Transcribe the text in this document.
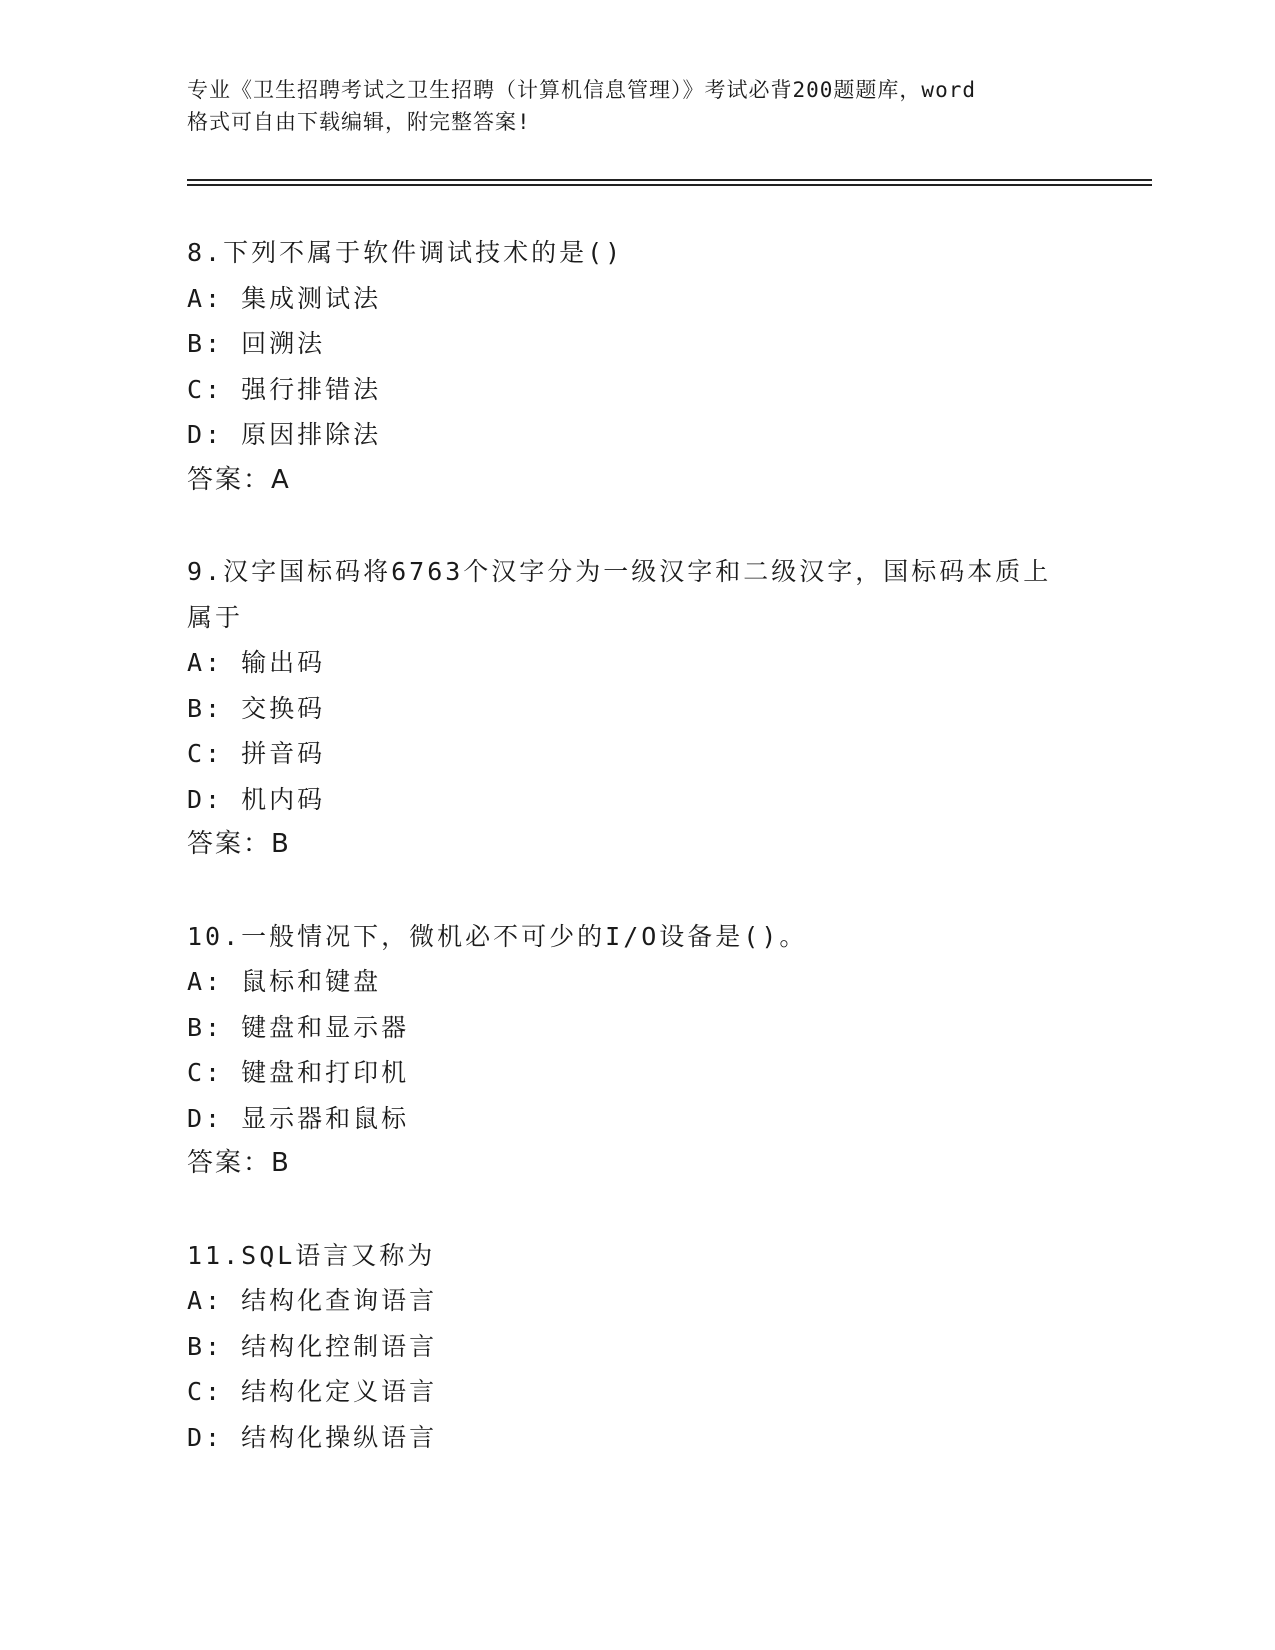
专业《卫生招聘考试之卫生招聘（计算机信息管理）》考试必背200题题库，word
格式可自由下载编辑，附完整答案!
8.下列不属于软件调试技术的是()
A: 集成测试法
B: 回溯法
C: 强行排错法
D: 原因排除法
答案：A
9.汉字国标码将6763个汉字分为一级汉字和二级汉字，国标码本质上
属于
A: 输出码
B: 交换码
C: 拼音码
D: 机内码
答案：B
10.一般情况下，微机必不可少的I/O设备是()。
A: 鼠标和键盘
B: 键盘和显示器
C: 键盘和打印机
D: 显示器和鼠标
答案：B
11.SQL语言又称为
A: 结构化查询语言
B: 结构化控制语言
C: 结构化定义语言
D: 结构化操纵语言
